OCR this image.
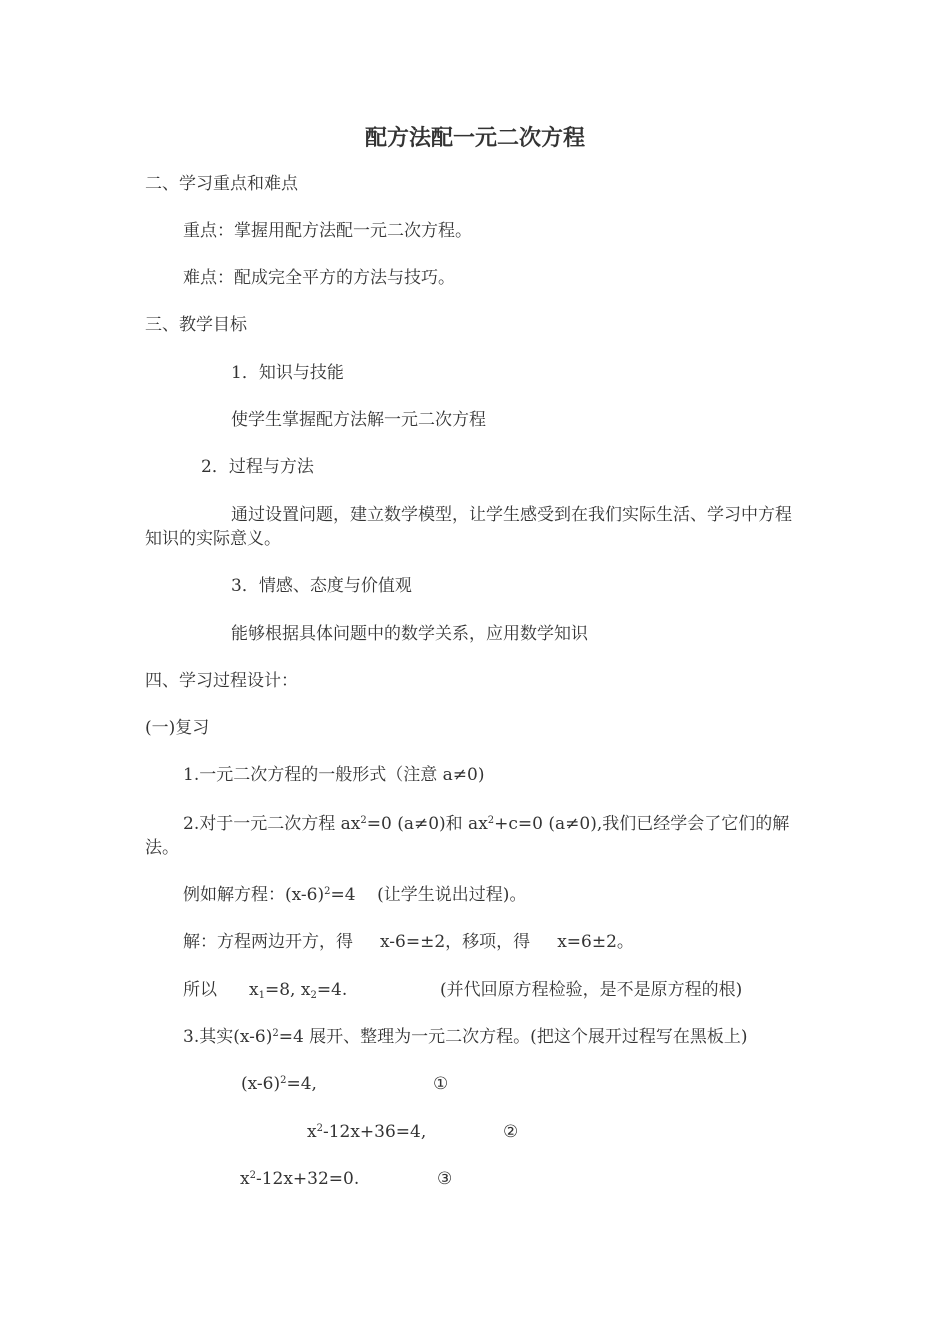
配方法配一元二次方程
二、学习重点和难点
重点：掌握用配方法配一元二次方程。
难点：配成完全平方的方法与技巧。
三、教学目标
1．知识与技能
使学生掌握配方法解一元二次方程
2．过程与方法
通过设置问题，建立数学模型，让学生感受到在我们实际生活、学习中方程知识的实际意义。
3．情感、态度与价值观
能够根据具体问题中的数学关系，应用数学知识
四、学习过程设计：
(一)复习
1.一元二次方程的一般形式（注意 a≠0)
2.对于一元二次方程 $ax^2=0$ (a≠0)和 $ax^2+c=0$ (a≠0),我们已经学会了它们的解法。
例如解方程：$(x-6)^2=4$    (让学生说出过程)。
解：方程两边开方，得     x-6=±2，移项，得     x=6±2。
所以 $x_1=8$, $x_2=4$.	(并代回原方程检验，是不是原方程的根)
3.其实$(x-6)^2=4$ 展开、整理为一元二次方程。(把这个展开过程写在黑板上)
$(x-6)^2=4$,	①
$x^2-12x+36=4$,	②
$x^2-12x+32=0$.	③
